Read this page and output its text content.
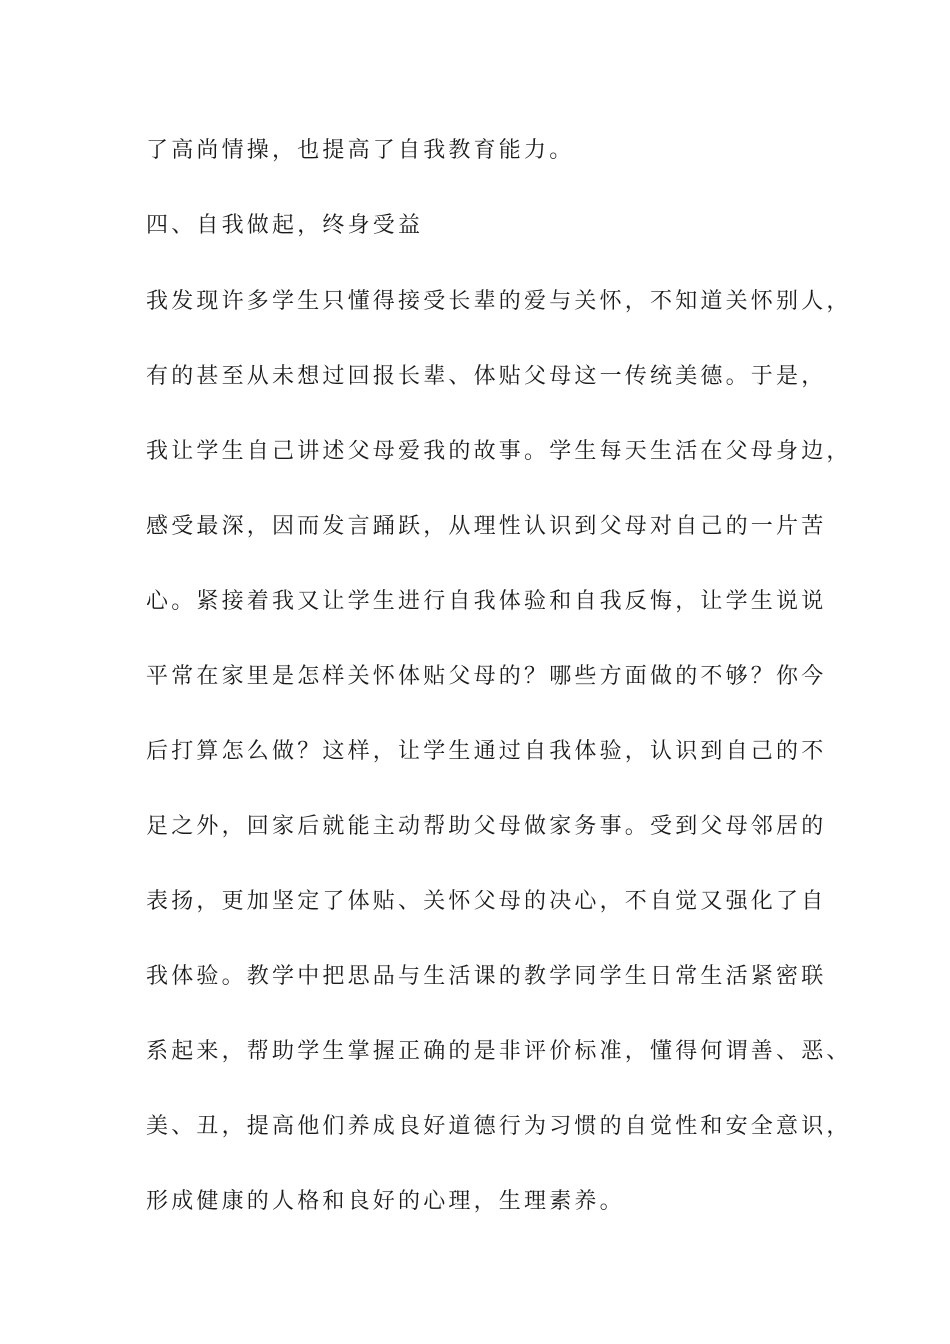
了高尚情操，也提高了自我教育能力。
四、自我做起，终身受益
我发现许多学生只懂得接受长辈的爱与关怀，不知道关怀别人，
有的甚至从未想过回报长辈、体贴父母这一传统美德。于是，
我让学生自己讲述父母爱我的故事。学生每天生活在父母身边，
感受最深，因而发言踊跃，从理性认识到父母对自己的一片苦
心。紧接着我又让学生进行自我体验和自我反悔，让学生说说
平常在家里是怎样关怀体贴父母的？哪些方面做的不够？你今
后打算怎么做？这样，让学生通过自我体验，认识到自己的不
足之外，回家后就能主动帮助父母做家务事。受到父母邻居的
表扬，更加坚定了体贴、关怀父母的决心，不自觉又强化了自
我体验。教学中把思品与生活课的教学同学生日常生活紧密联
系起来，帮助学生掌握正确的是非评价标准，懂得何谓善、恶、
美、丑，提高他们养成良好道德行为习惯的自觉性和安全意识，
形成健康的人格和良好的心理，生理素养。
